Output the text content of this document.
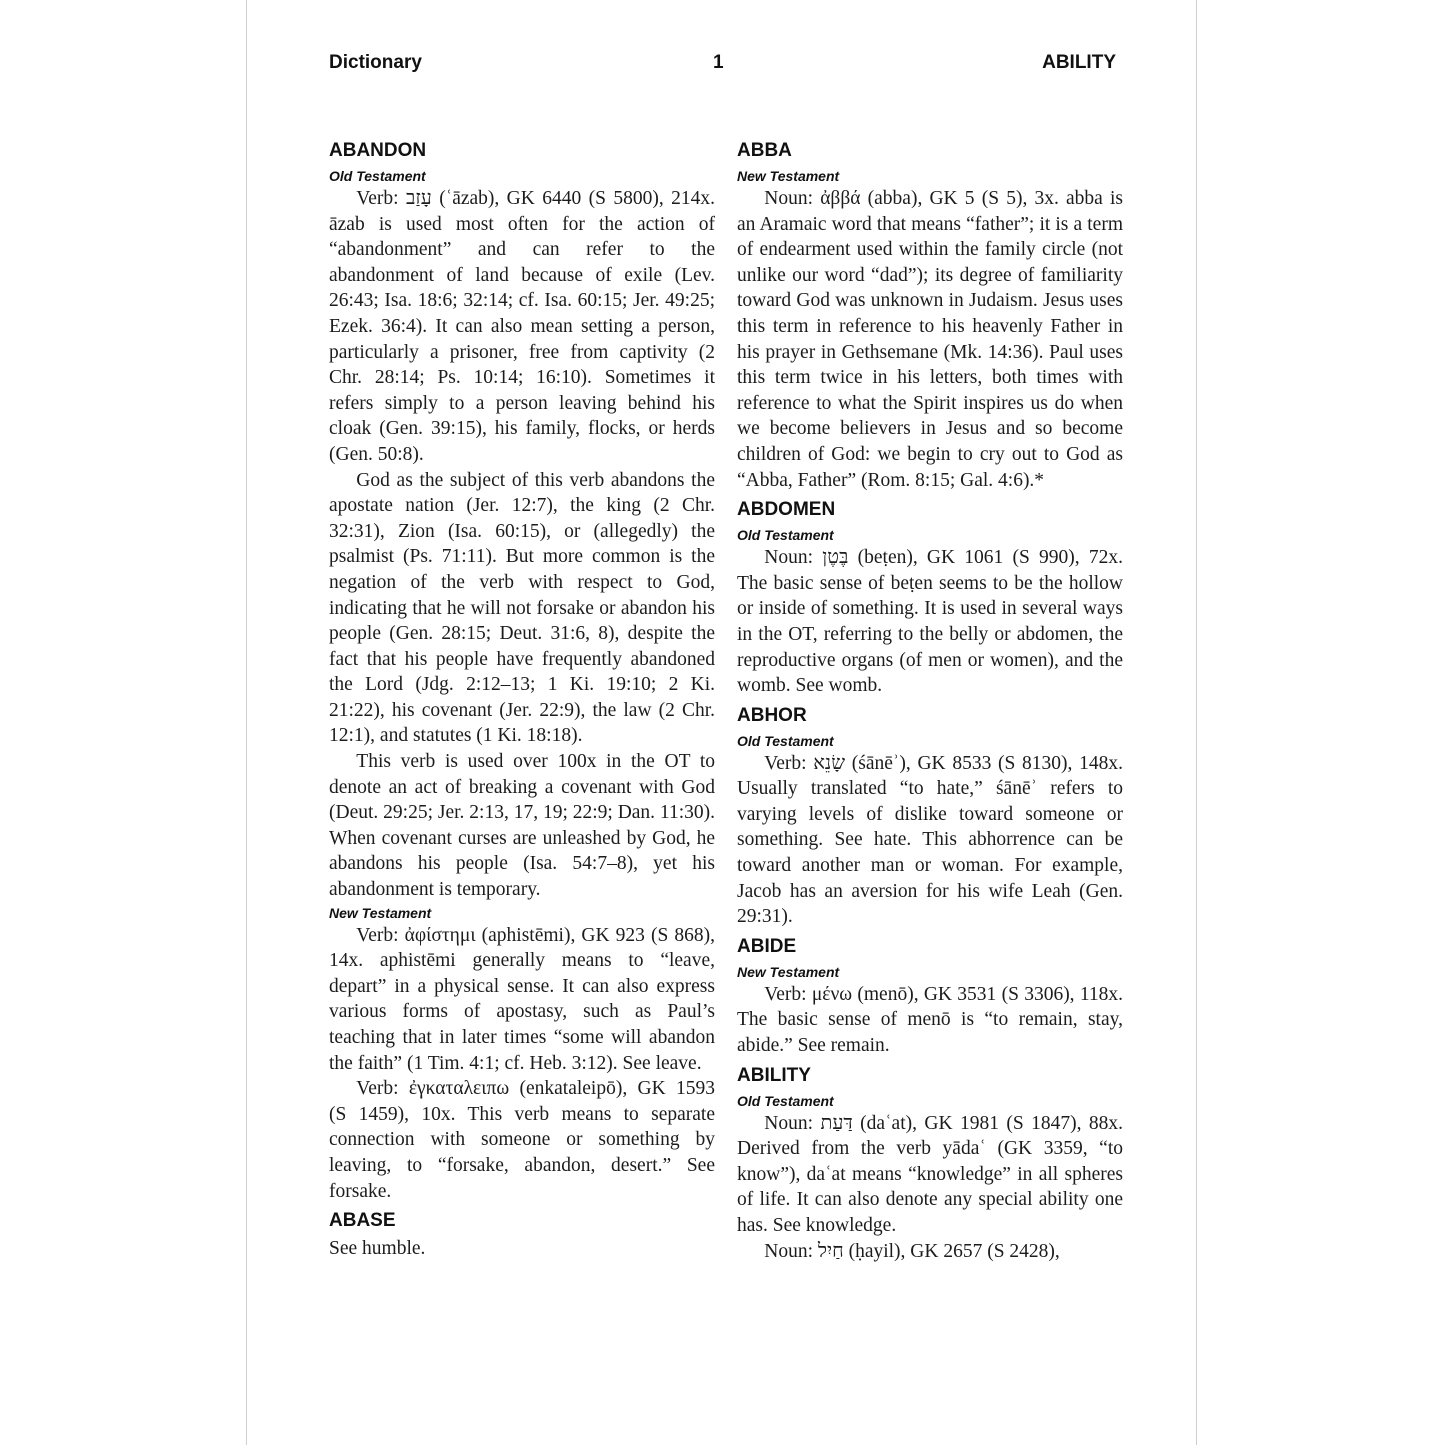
Dictionary	1	ABILITY
ABANDON
Old Testament

Verb: עָזַב (ʿāzab), GK 6440 (S 5800), 214x. āzab is used most often for the action of “abandonment” and can refer to the abandonment of land because of exile (Lev. 26:43; Isa. 18:6; 32:14; cf. Isa. 60:15; Jer. 49:25; Ezek. 36:4). It can also mean setting a person, particularly a prisoner, free from captivity (2 Chr. 28:14; Ps. 10:14; 16:10). Sometimes it refers simply to a person leaving behind his cloak (Gen. 39:15), his family, flocks, or herds (Gen. 50:8).

God as the subject of this verb abandons the apostate nation (Jer. 12:7), the king (2 Chr. 32:31), Zion (Isa. 60:15), or (allegedly) the psalmist (Ps. 71:11). But more common is the negation of the verb with respect to God, indicating that he will not forsake or abandon his people (Gen. 28:15; Deut. 31:6, 8), despite the fact that his people have frequently abandoned the Lord (Jdg. 2:12–13; 1 Ki. 19:10; 2 Ki. 21:22), his covenant (Jer. 22:9), the law (2 Chr. 12:1), and statutes (1 Ki. 18:18).

This verb is used over 100x in the OT to denote an act of breaking a covenant with God (Deut. 29:25; Jer. 2:13, 17, 19; 22:9; Dan. 11:30). When covenant curses are unleashed by God, he abandons his people (Isa. 54:7–8), yet his abandonment is temporary.

New Testament

Verb: ἀφίστημι (aphistēmi), GK 923 (S 868), 14x. aphistēmi generally means to “leave, depart” in a physical sense. It can also express various forms of apostasy, such as Paul’s teaching that in later times “some will abandon the faith” (1 Tim. 4:1; cf. Heb. 3:12). See leave.

Verb: ἐγκαταλειπω (enkataleipō), GK 1593 (S 1459), 10x. This verb means to separate connection with someone or something by leaving, to “forsake, abandon, desert.” See forsake.

ABASE

See humble.

ABBA
New Testament

Noun: ἀββά (abba), GK 5 (S 5), 3x. abba is an Aramaic word that means “father”; it is a term of endearment used within the family circle (not unlike our word “dad”); its degree of familiarity toward God was unknown in Judaism. Jesus uses this term in reference to his heavenly Father in his prayer in Gethsemane (Mk. 14:36). Paul uses this term twice in his letters, both times with reference to what the Spirit inspires us do when we become believers in Jesus and so become children of God: we begin to cry out to God as “Abba, Father” (Rom. 8:15; Gal. 4:6).*

ABDOMEN
Old Testament

Noun: בֶּטֶן (beṭen), GK 1061 (S 990), 72x. The basic sense of beṭen seems to be the hollow or inside of something. It is used in several ways in the OT, referring to the belly or abdomen, the reproductive organs (of men or women), and the womb. See womb.

ABHOR
Old Testament

Verb: שָׂנֵא (śānēʾ), GK 8533 (S 8130), 148x. Usually translated “to hate,” śānēʾ refers to varying levels of dislike toward someone or something. See hate. This abhorrence can be toward another man or woman. For example, Jacob has an aversion for his wife Leah (Gen. 29:31).

ABIDE
New Testament

Verb: μένω (menō), GK 3531 (S 3306), 118x. The basic sense of menō is “to remain, stay, abide.” See remain.

ABILITY
Old Testament

Noun: דַּעַת (daʿat), GK 1981 (S 1847), 88x. Derived from the verb yādaʿ (GK 3359, “to know”), daʿat means “knowledge” in all spheres of life. It can also denote any special ability one has. See knowledge.

Noun: חַיִל (ḥayil), GK 2657 (S 2428),
